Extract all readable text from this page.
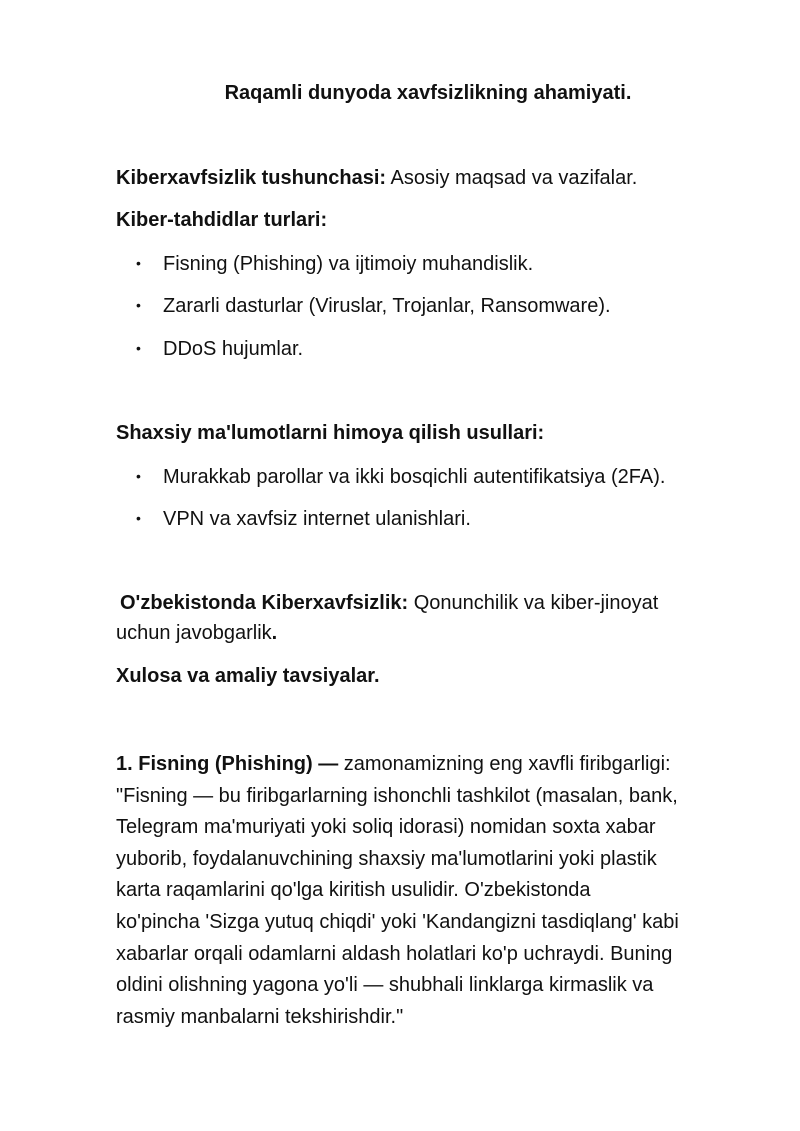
Raqamli dunyoda xavfsizlikning ahamiyati.
Kiberxavfsizlik tushunchasi: Asosiy maqsad va vazifalar.
Kiber-tahdidlar turlari:
• Fisning (Phishing) va ijtimoiy muhandislik.
• Zararli dasturlar (Viruslar, Trojanlar, Ransomware).
• DDoS hujumlar.
Shaxsiy ma'lumotlarni himoya qilish usullari:
• Murakkab parollar va ikki bosqichli autentifikatsiya (2FA).
• VPN va xavfsiz internet ulanishlari.
O'zbekistonda Kiberxavfsizlik: Qonunchilik va kiber-jinoyat
uchun javobgarlik.
Xulosa va amaliy tavsiyalar.
1. Fisning (Phishing) — zamonamizning eng xavfli firibgarligi:
"Fisning — bu firibgarlarning ishonchli tashkilot (masalan, bank,
Telegram ma'muriyati yoki soliq idorasi) nomidan soxta xabar
yuborib, foydalanuvchining shaxsiy ma'lumotlarini yoki plastik
karta raqamlarini qo'lga kiritish usulidir. O'zbekistonda
ko'pincha 'Sizga yutuq chiqdi' yoki 'Kandangizni tasdiqlang' kabi
xabarlar orqali odamlarni aldash holatlari ko'p uchraydi. Buning
oldini olishning yagona yo'li — shubhali linklarga kirmaslik va
rasmiy manbalarni tekshirishdir."
